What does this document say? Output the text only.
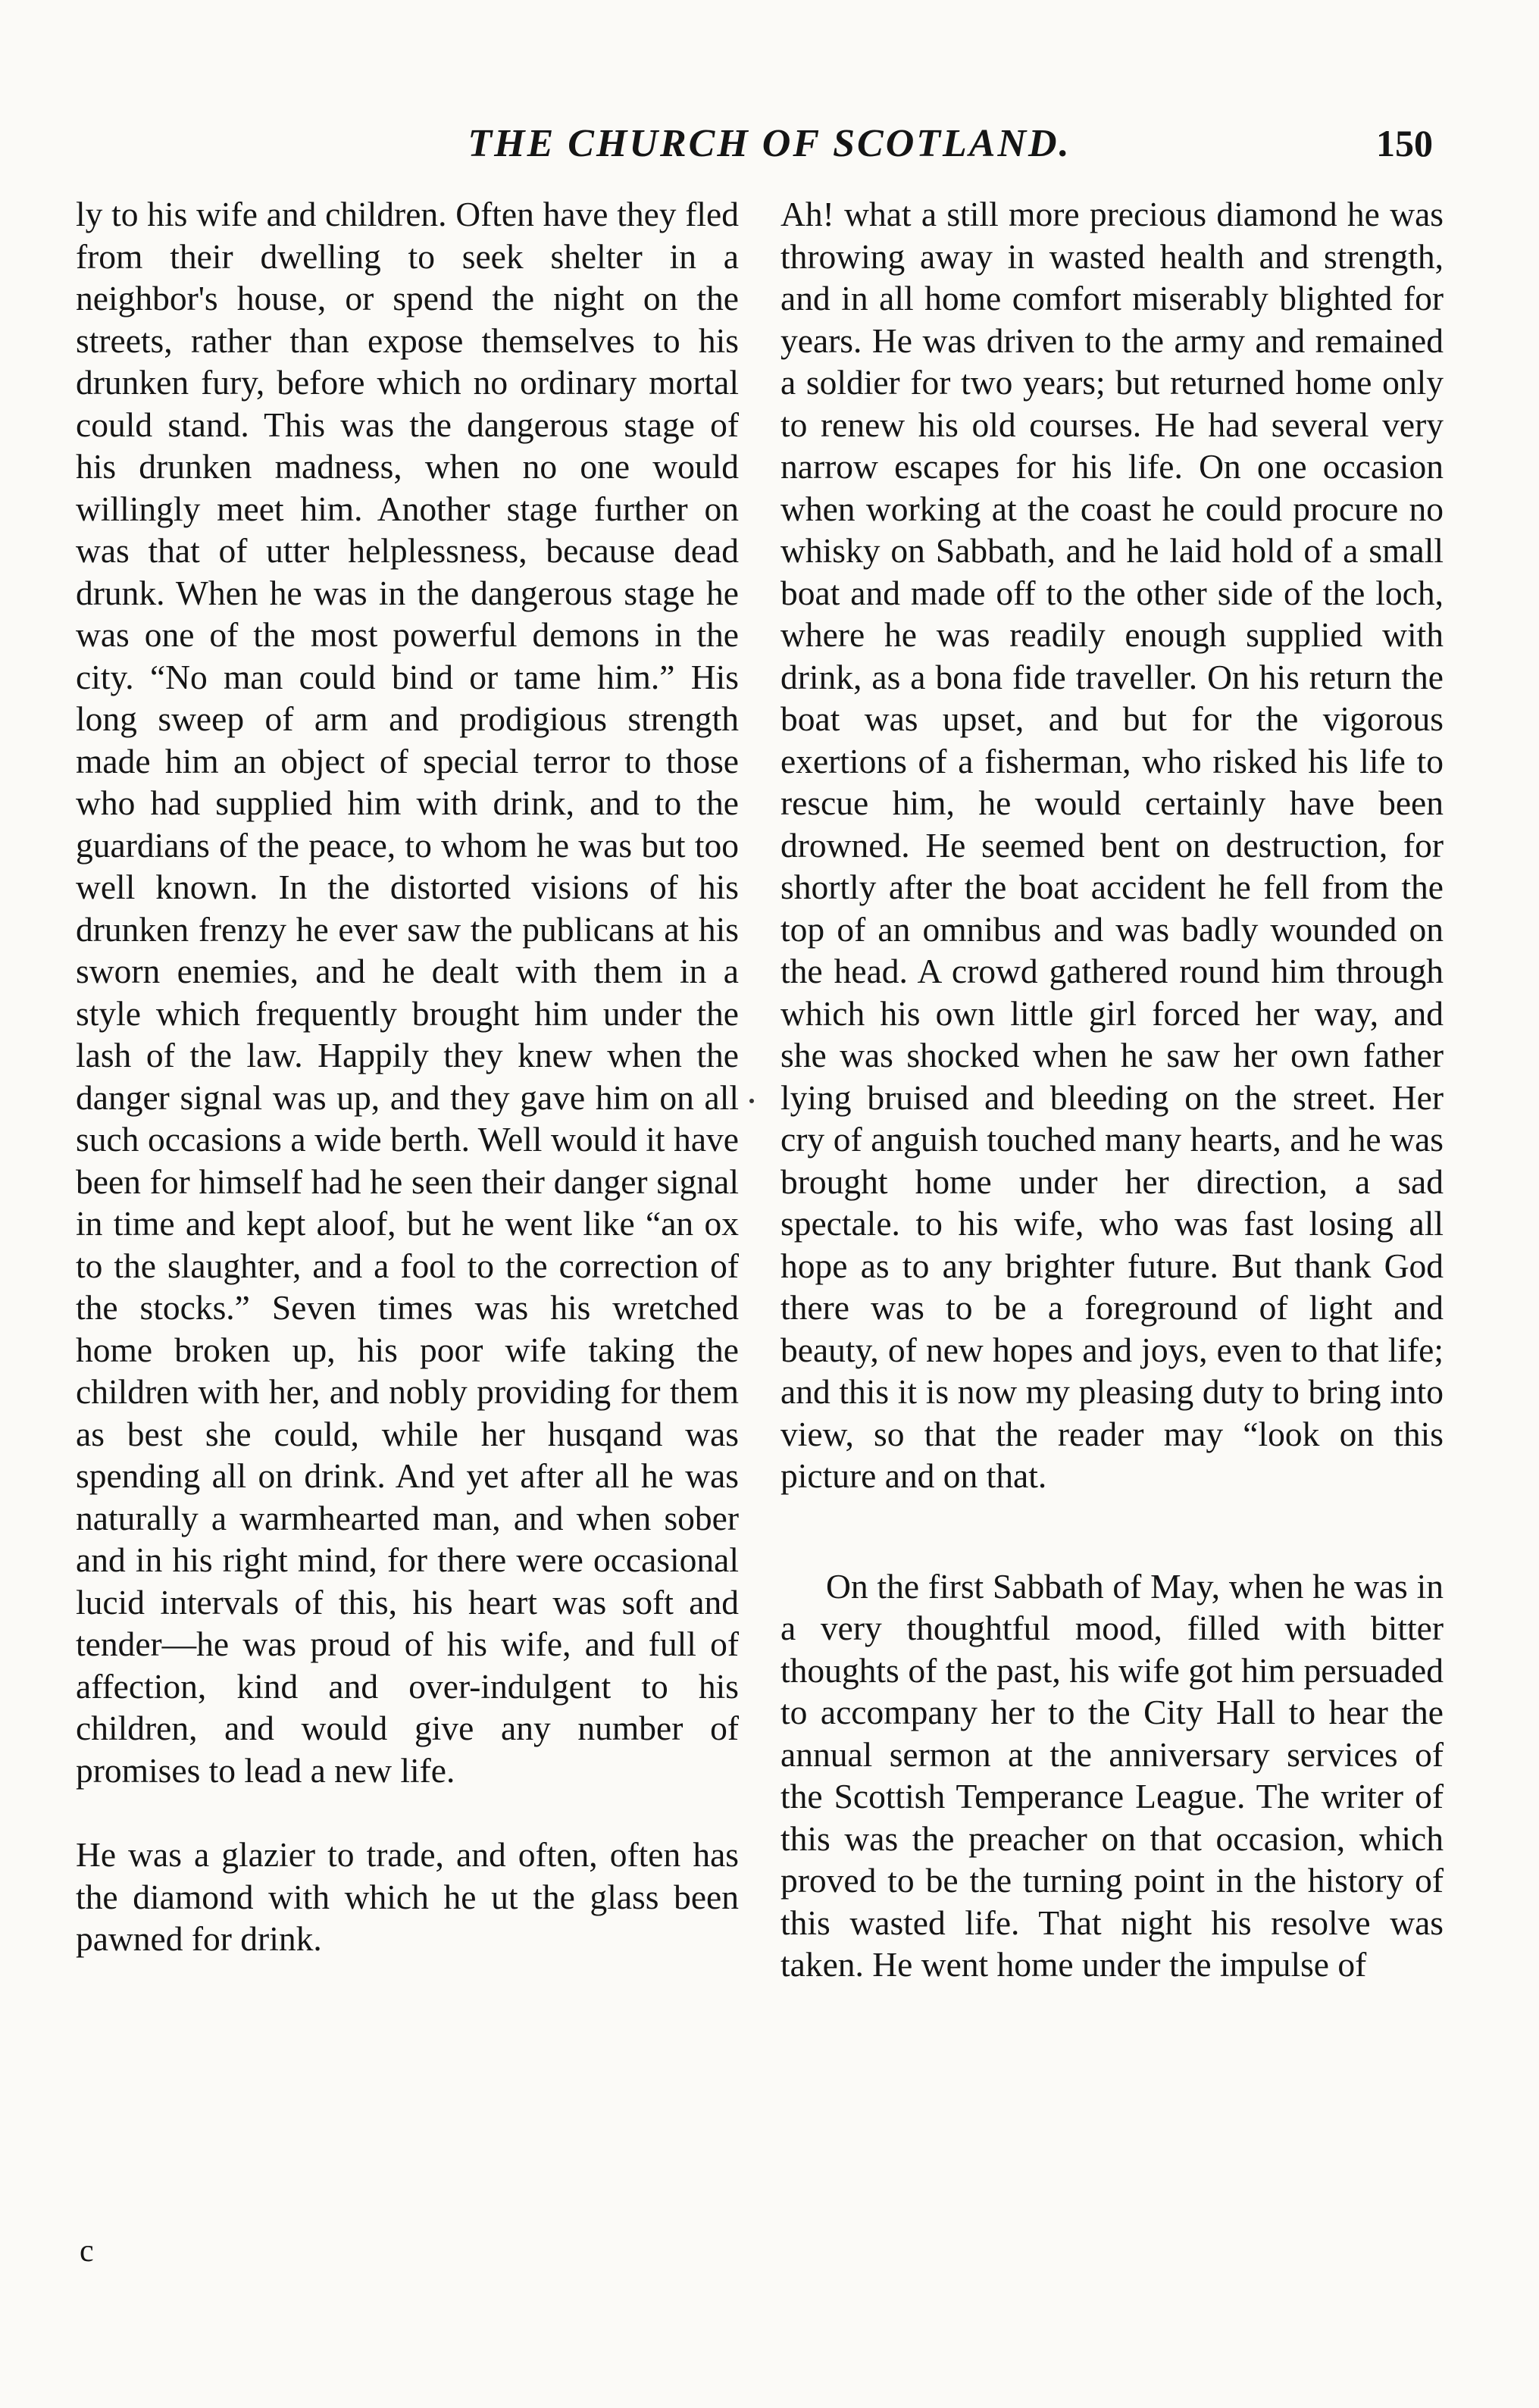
THE CHURCH OF SCOTLAND.	150

ly to his wife and children. Often have they fled from their dwelling to seek shelter in a neighbor's house, or spend the night on the streets, rather than expose themselves to his drunken fury, before which no ordinary mortal could stand. This was the dangerous stage of his drunken madness, when no one would willingly meet him. Another stage further on was that of utter helplessness, because dead drunk. When he was in the dangerous stage he was one of the most powerful demons in the city. “No man could bind or tame him.” His long sweep of arm and prodigious strength made him an object of special terror to those who had supplied him with drink, and to the guardians of the peace, to whom he was but too well known. In the distorted visions of his drunken frenzy he ever saw the publicans at his sworn enemies, and he dealt with them in a style which frequently brought him under the lash of the law. Happily they knew when the danger signal was up, and they gave him on all such occasions a wide berth. Well would it have been for himself had he seen their danger signal in time and kept aloof, but he went like “an ox to the slaughter, and a fool to the correction of the stocks.” Seven times was his wretched home broken up, his poor wife taking the children with her, and nobly providing for them as best she could, while her husqand was spending all on drink. And yet after all he was naturally a warmhearted man, and when sober and in his right mind, for there were occasional lucid intervals of this, his heart was soft and tender—he was proud of his wife, and full of affection, kind and over-indulgent to his children, and would give any number of promises to lead a new life.

He was a glazier to trade, and often, often has the diamond with which he ut the glass been pawned for drink.

Ah! what a still more precious diamond he was throwing away in wasted health and strength, and in all home comfort miserably blighted for years. He was driven to the army and remained a soldier for two years; but returned home only to renew his old courses. He had several very narrow escapes for his life. On one occasion when working at the coast he could procure no whisky on Sabbath, and he laid hold of a small boat and made off to the other side of the loch, where he was readily enough supplied with drink, as a bona fide traveller. On his return the boat was upset, and but for the vigorous exertions of a fisherman, who risked his life to rescue him, he would certainly have been drowned. He seemed bent on destruction, for shortly after the boat accident he fell from the top of an omnibus and was badly wounded on the head. A crowd gathered round him through which his own little girl forced her way, and she was shocked when he saw her own father lying bruised and bleeding on the street. Her cry of anguish touched many hearts, and he was brought home under her direction, a sad spectale. to his wife, who was fast losing all hope as to any brighter future. But thank God there was to be a foreground of light and beauty, of new hopes and joys, even to that life; and this it is now my pleasing duty to bring into view, so that the reader may “look on this picture and on that.

On the first Sabbath of May, when he was in a very thoughtful mood, filled with bitter thoughts of the past, his wife got him persuaded to accompany her to the City Hall to hear the annual sermon at the anniversary services of the Scottish Temperance League. The writer of this was the preacher on that occasion, which proved to be the turning point in the history of this wasted life. That night his resolve was taken. He went home under the impulse of

c
